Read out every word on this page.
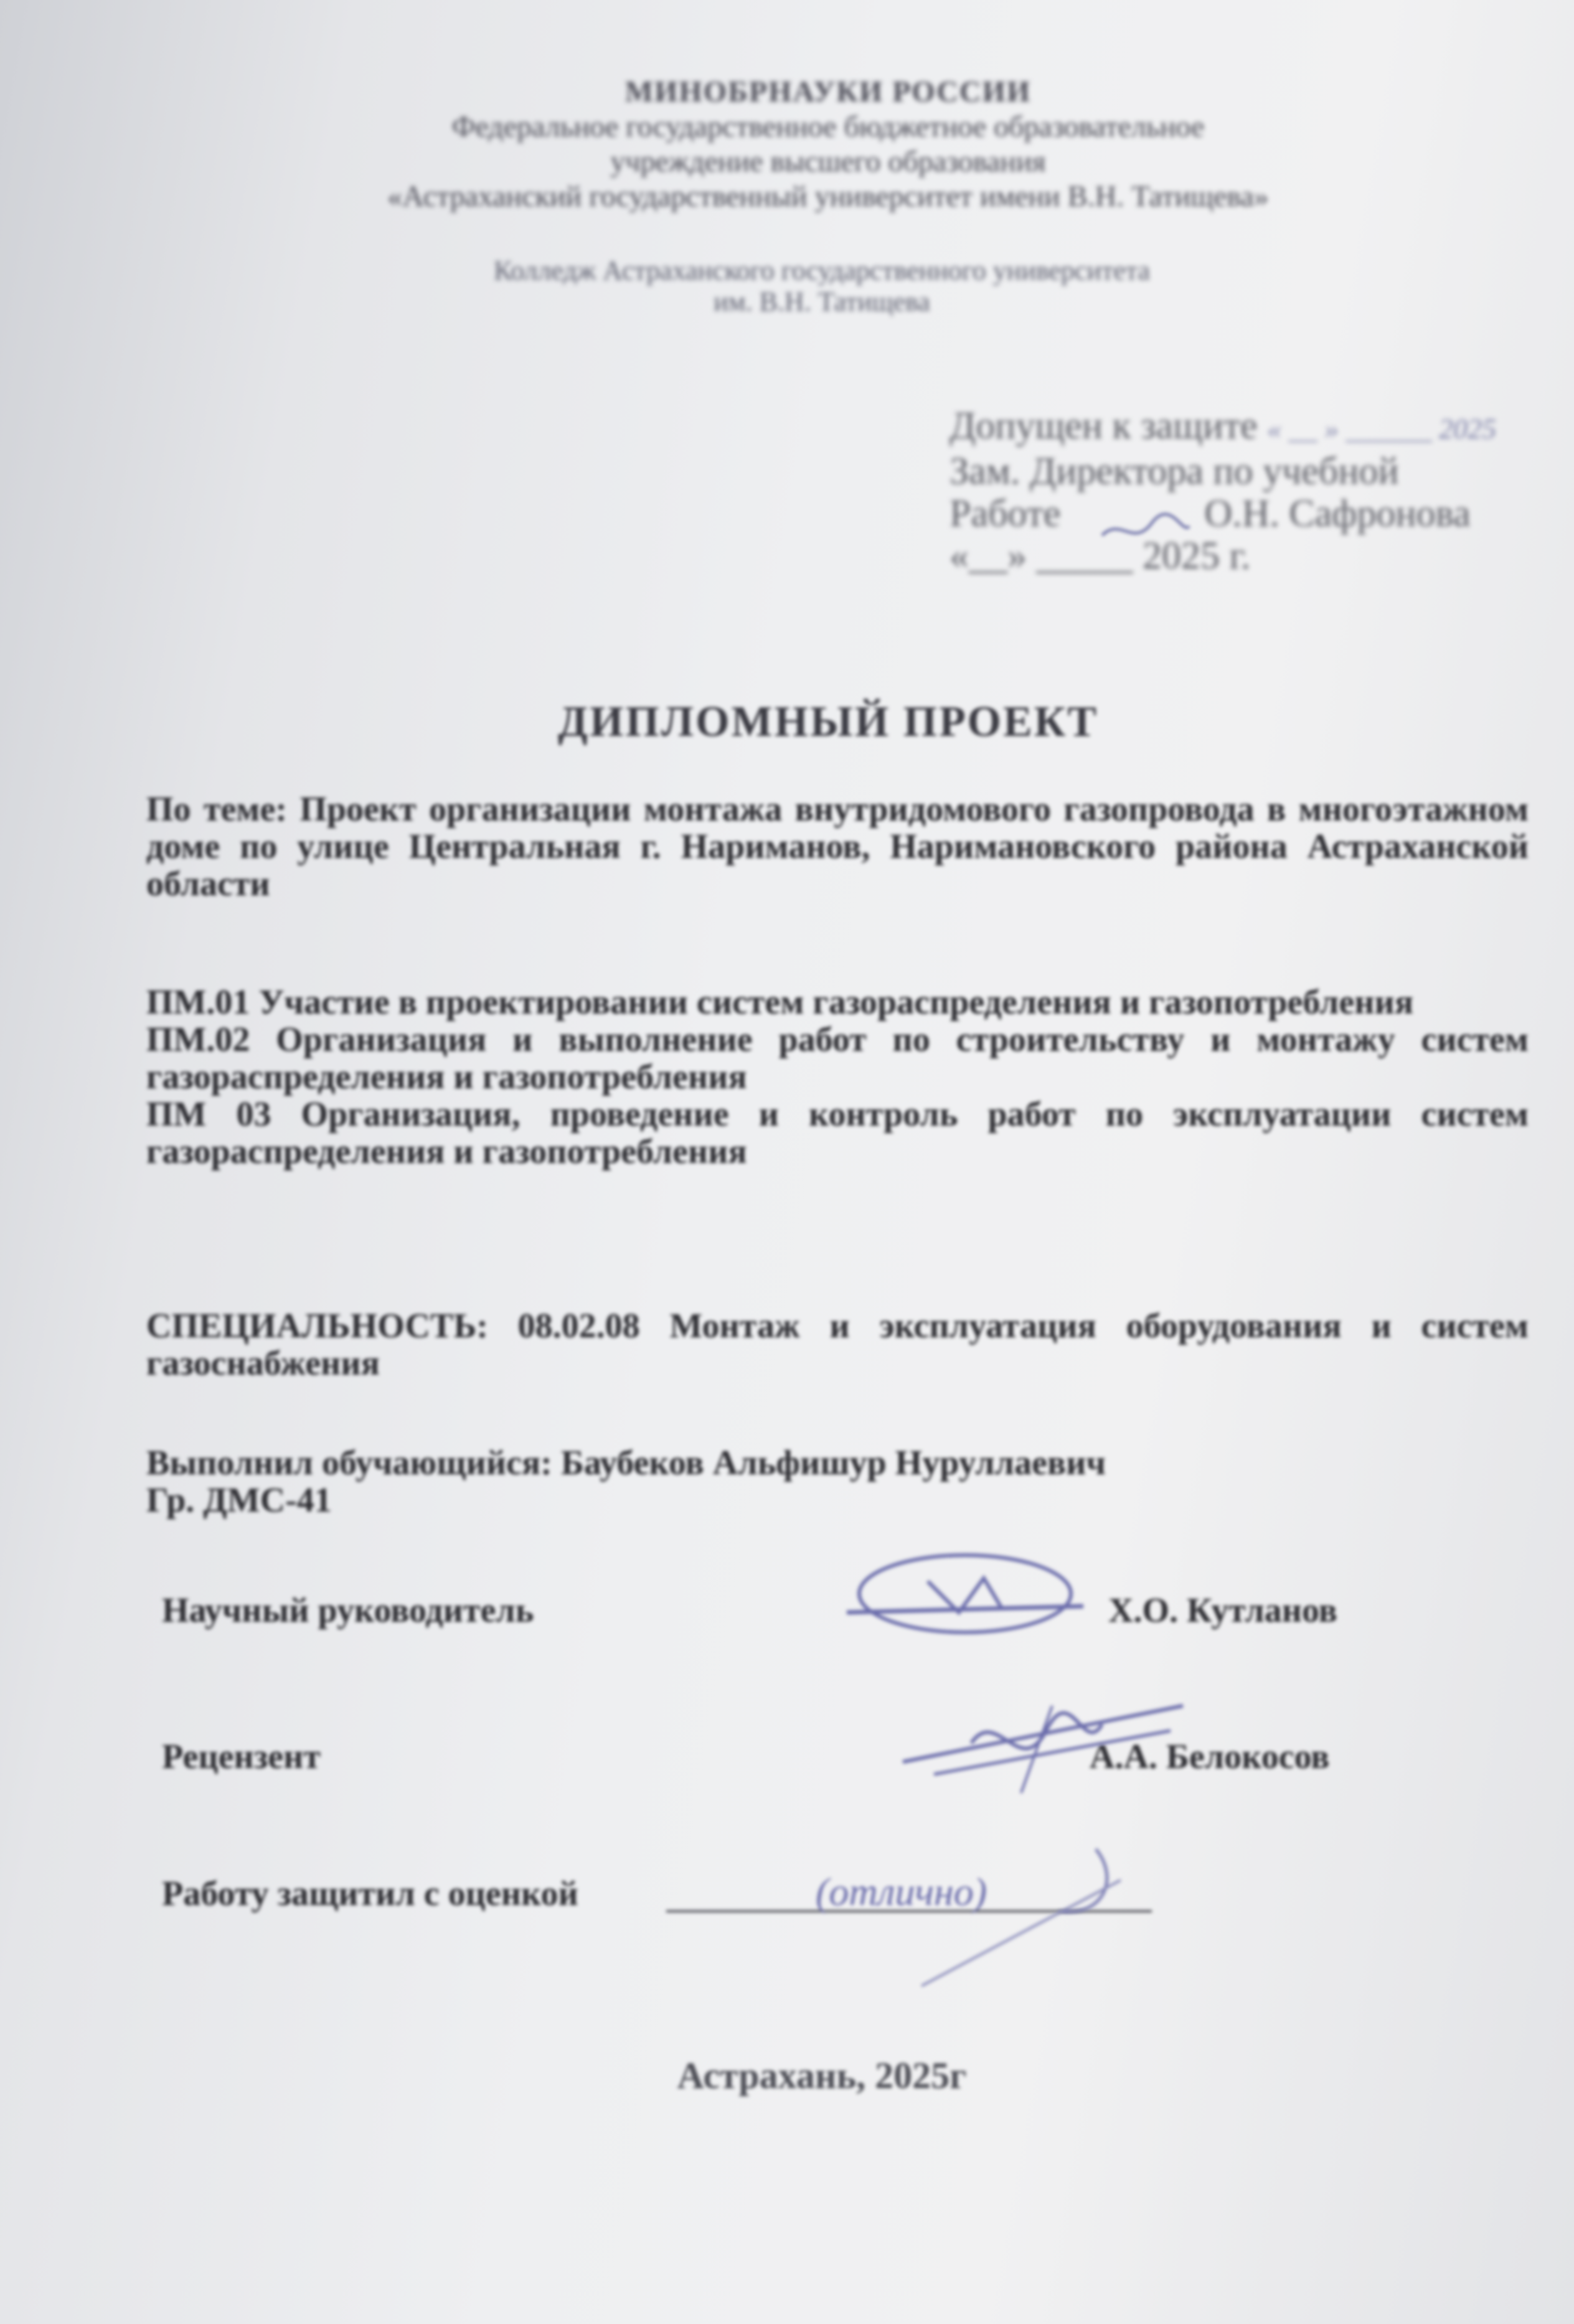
МИНОБРНАУКИ РОССИИ
Федеральное государственное бюджетное образовательное
учреждение высшего образования
«Астраханский государственный университет имени В.Н. Татищева»
Колледж Астраханского государственного университета
им. В.Н. Татищева
Допущен к защите « __ » ______ 2025
Зам. Директора по учебной
Работе	О.Н. Сафронова
«__» _____ 2025 г.
ДИПЛОМНЫЙ ПРОЕКТ
По теме: Проект организации монтажа внутридомового газопровода в многоэтажном доме по улице Центральная г. Нариманов, Наримановского района Астраханской области

ПМ.01 Участие в проектировании систем газораспределения и газопотребления

ПМ.02 Организация и выполнение работ по строительству и монтажу систем газораспределения и газопотребления

ПМ 03 Организация, проведение и контроль работ по эксплуатации систем газораспределения и газопотребления

СПЕЦИАЛЬНОСТЬ: 08.02.08 Монтаж и эксплуатация оборудования и систем газоснабжения
Выполнил обучающийся: Баубеков Альфишур Нуруллаевич
Гр. ДМС-41
Научный руководитель	Х.О. Кутланов
Рецензент	А.А. Белокосов
Работу защитил с оценкой	(отлично)
Астрахань, 2025г
